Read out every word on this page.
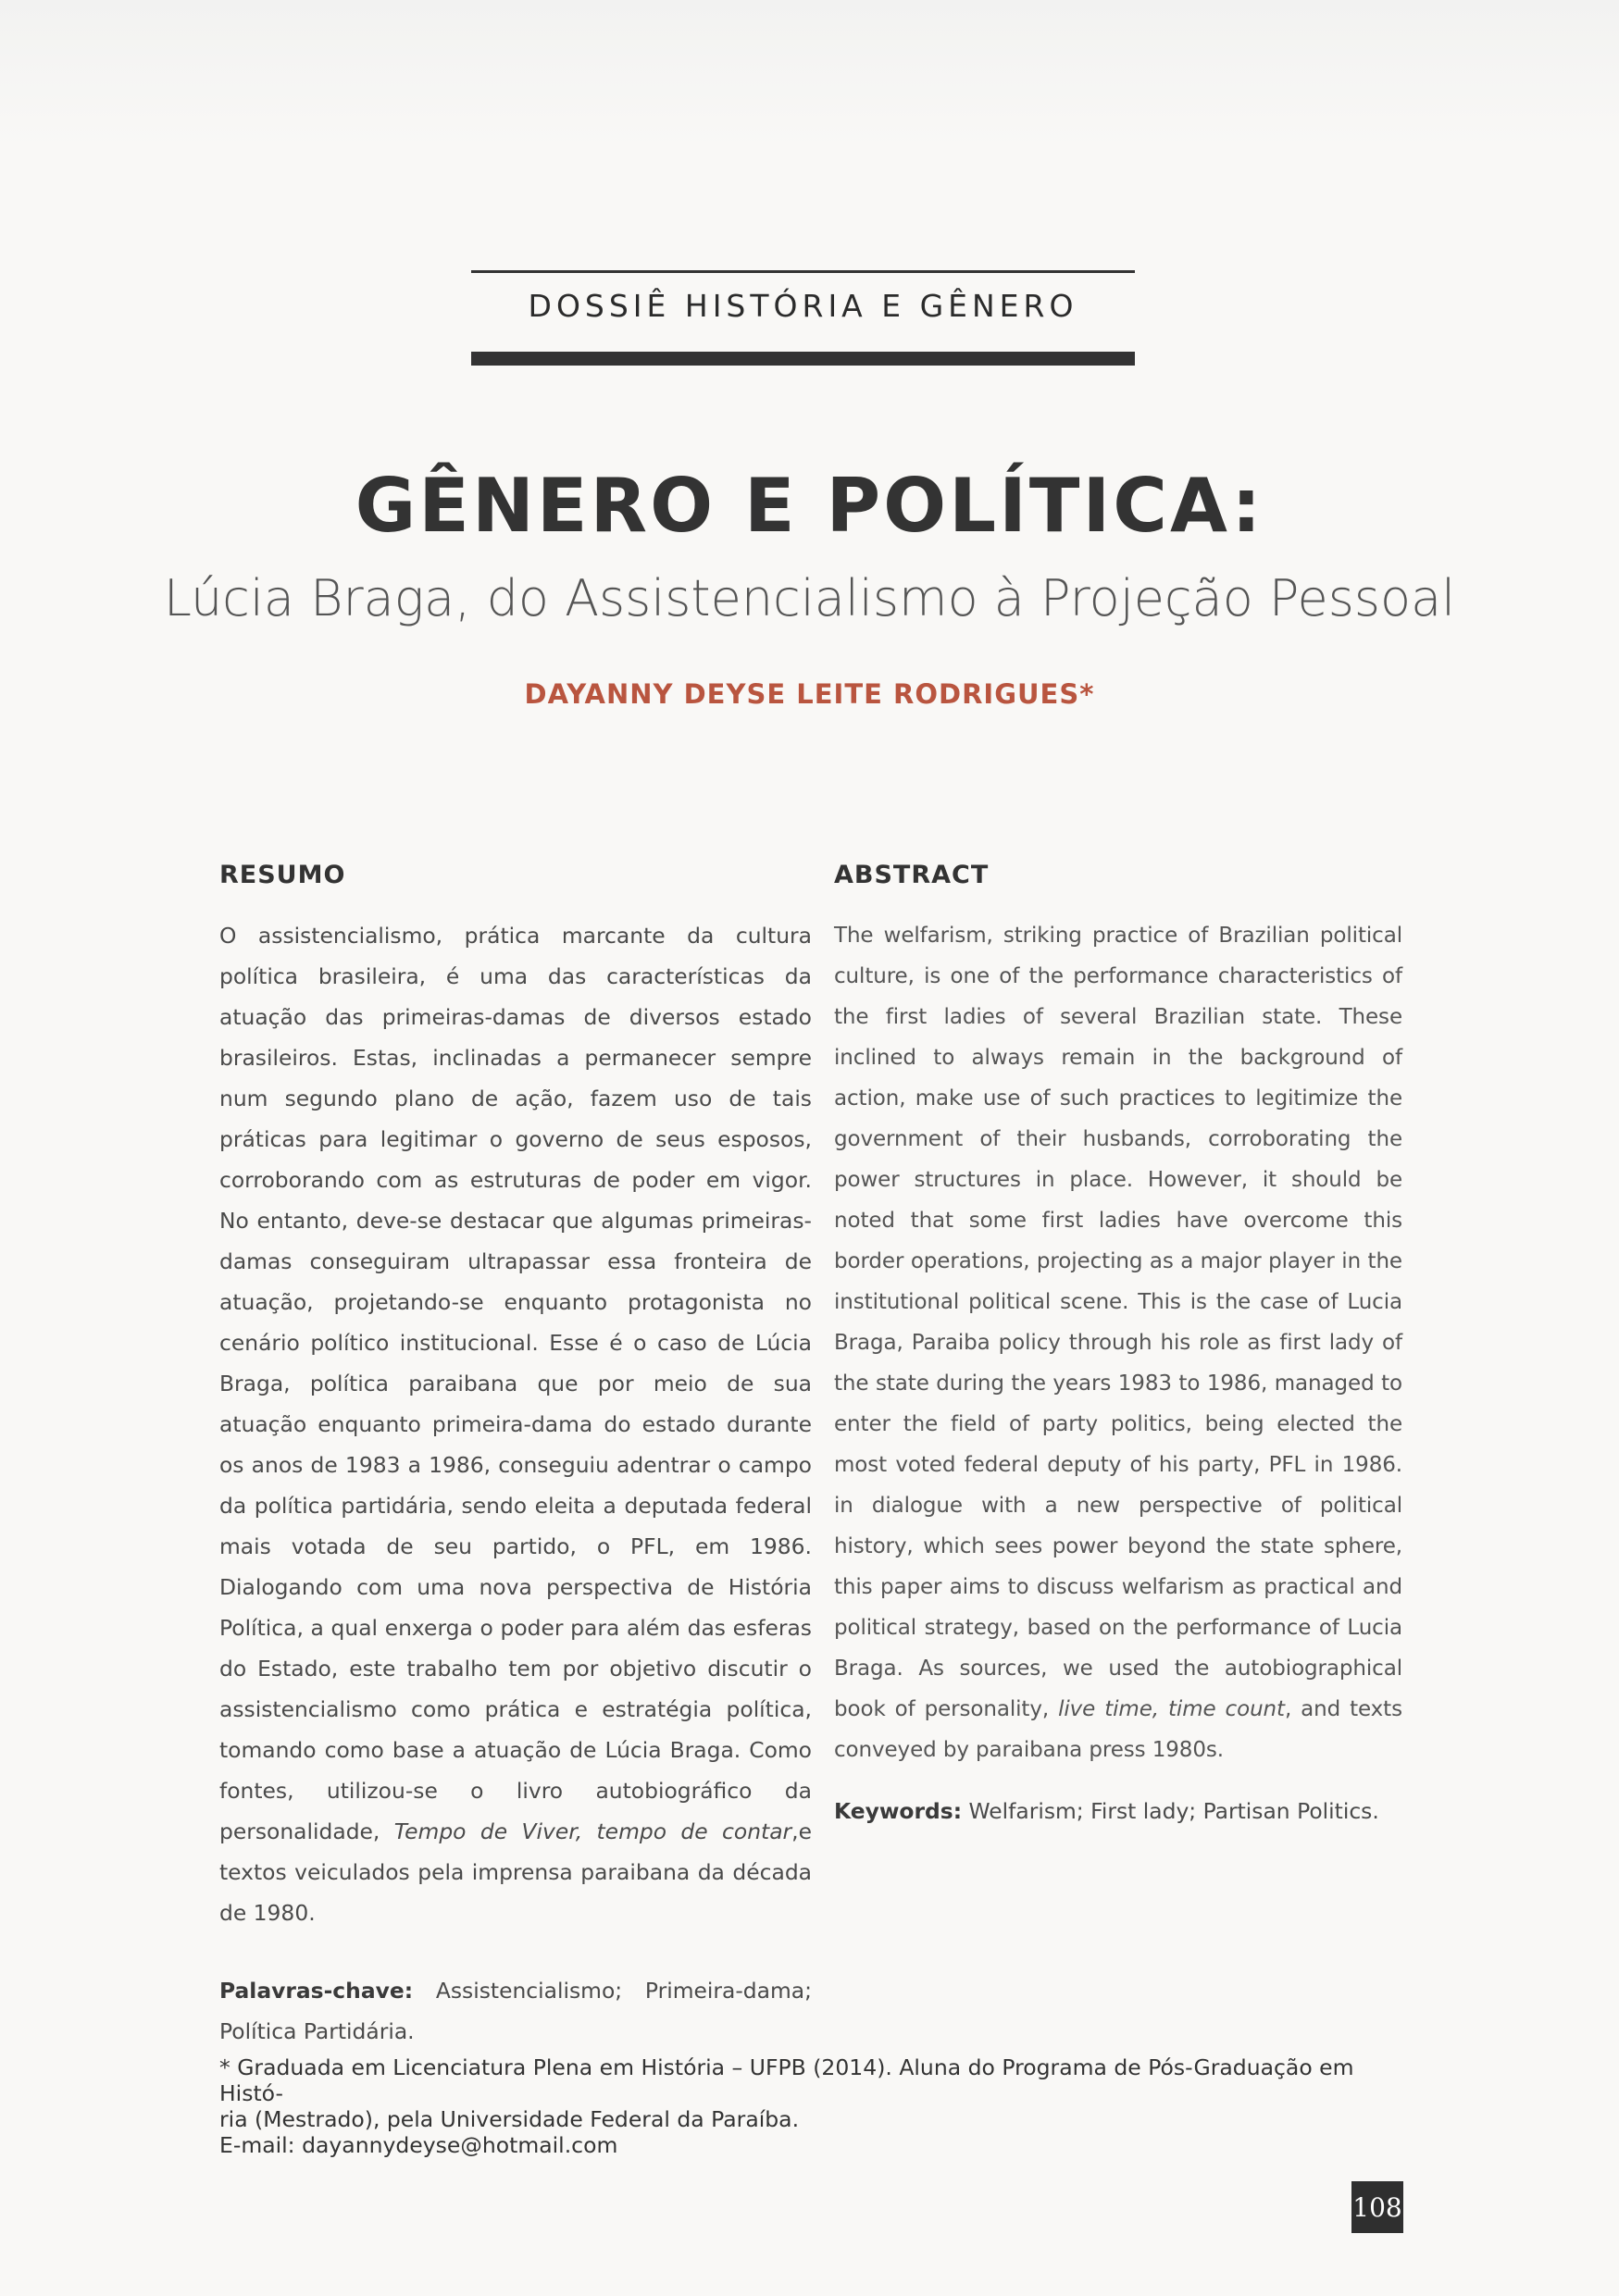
DOSSIÊ HISTÓRIA E GÊNERO
GÊNERO E POLÍTICA:
Lúcia Braga, do Assistencialismo à Projeção Pessoal
DAYANNY DEYSE LEITE RODRIGUES*
RESUMO

O assistencialismo, prática marcante da cultura política brasileira, é uma das características da atuação das primeiras-damas de diversos estado brasileiros. Estas, inclinadas a permanecer sempre num segundo plano de ação, fazem uso de tais práticas para legitimar o governo de seus esposos, corroborando com as estruturas de poder em vigor. No entanto, deve-se destacar que algumas primeiras-damas conseguiram ultrapassar essa fronteira de atuação, projetando-se enquanto protagonista no cenário político institucional. Esse é o caso de Lúcia Braga, política paraibana que por meio de sua atuação enquanto primeira-dama do estado durante os anos de 1983 a 1986, conseguiu adentrar o campo da política partidária, sendo eleita a deputada federal mais votada de seu partido, o PFL, em 1986. Dialogando com uma nova perspectiva de História Política, a qual enxerga o poder para além das esferas do Estado, este trabalho tem por objetivo discutir o assistencialismo como prática e estratégia política, tomando como base a atuação de Lúcia Braga. Como fontes, utilizou-se o livro autobiográfico da personalidade, Tempo de Viver, tempo de contar,e textos veiculados pela imprensa paraibana da década de 1980.

Palavras-chave: Assistencialismo; Primeira-dama; Política Partidária.

ABSTRACT

The welfarism, striking practice of Brazilian political culture, is one of the performance characteristics of the first ladies of several Brazilian state. These inclined to always remain in the background of action, make use of such practices to legitimize the government of their husbands, corroborating the power structures in place. However, it should be noted that some first ladies have overcome this border operations, projecting as a major player in the institutional political scene. This is the case of Lucia Braga, Paraiba policy through his role as first lady of the state during the years 1983 to 1986, managed to enter the field of party politics, being elected the most voted federal deputy of his party, PFL in 1986. in dialogue with a new perspective of political history, which sees power beyond the state sphere, this paper aims to discuss welfarism as practical and political strategy, based on the performance of Lucia Braga. As sources, we used the autobiographical book of personality, live time, time count, and texts conveyed by paraibana press 1980s.

Keywords: Welfarism; First lady; Partisan Politics.

* Graduada em Licenciatura Plena em História – UFPB (2014). Aluna do Programa de Pós-Graduação em Histó-
ria (Mestrado), pela Universidade Federal da Paraíba.
E-mail: dayannydeyse@hotmail.com
108
